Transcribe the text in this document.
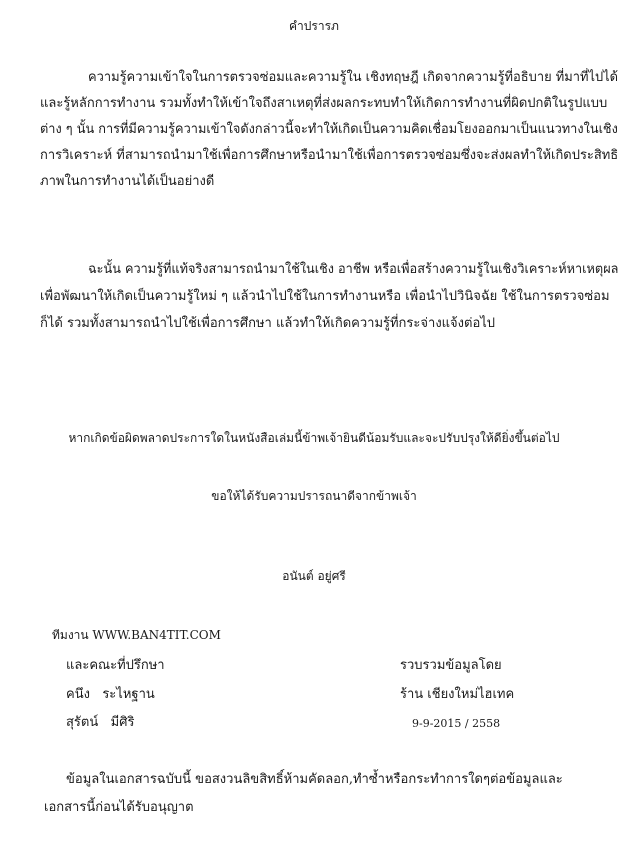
คำปรารภ
ความรู้ความเข้าใจในการตรวจซ่อมและความรู้ใน เชิงทฤษฎี เกิดจากความรู้ที่อธิบาย ที่มาที่ไปได้
และรู้หลักการทำงาน รวมทั้งทำให้เข้าใจถึงสาเหตุที่ส่งผลกระทบทำให้เกิดการทำงานที่ผิดปกติในรูปแบบ
ต่าง ๆ นั้น การที่มีความรู้ความเข้าใจดังกล่าวนี้จะทำให้เกิดเป็นความคิดเชื่อมโยงออกมาเป็นแนวทางในเชิง
การวิเคราะห์ ที่สามารถนำมาใช้เพื่อการศึกษาหรือนำมาใช้เพื่อการตรวจซ่อมซึ่งจะส่งผลทำให้เกิดประสิทธิ
ภาพในการทำงานได้เป็นอย่างดี
ฉะนั้น ความรู้ที่แท้จริงสามารถนำมาใช้ในเชิง อาชีพ หรือเพื่อสร้างความรู้ในเชิงวิเคราะห์หาเหตุผล
เพื่อพัฒนาให้เกิดเป็นความรู้ใหม่ ๆ แล้วนำไปใช้ในการทำงานหรือ เพื่อนำไปวินิจฉัย ใช้ในการตรวจซ่อม
ก็ได้ รวมทั้งสามารถนำไปใช้เพื่อการศึกษา แล้วทำให้เกิดความรู้ที่กระจ่างแจ้งต่อไป
หากเกิดข้อผิดพลาดประการใดในหนังสือเล่มนี้ข้าพเจ้ายินดีน้อมรับและจะปรับปรุงให้ดียิ่งขึ้นต่อไป
ขอให้ได้รับความปรารถนาดีจากข้าพเจ้า
อนันต์ อยู่ศรี
ทีมงาน WWW.BAN4TIT.COM
และคณะที่ปรึกษา
คนึง   ระไหฐาน
สุรัตน์   มีศิริ
รวบรวมข้อมูลโดย
ร้าน เชียงใหม่ไฮเทค
9-9-2015 / 2558
ข้อมูลในเอกสารฉบับนี้ ขอสงวนลิขสิทธิ์ห้ามคัดลอก,ทำซ้ำหรือกระทำการใดๆต่อข้อมูลและ
เอกสารนี้ก่อนได้รับอนุญาต
